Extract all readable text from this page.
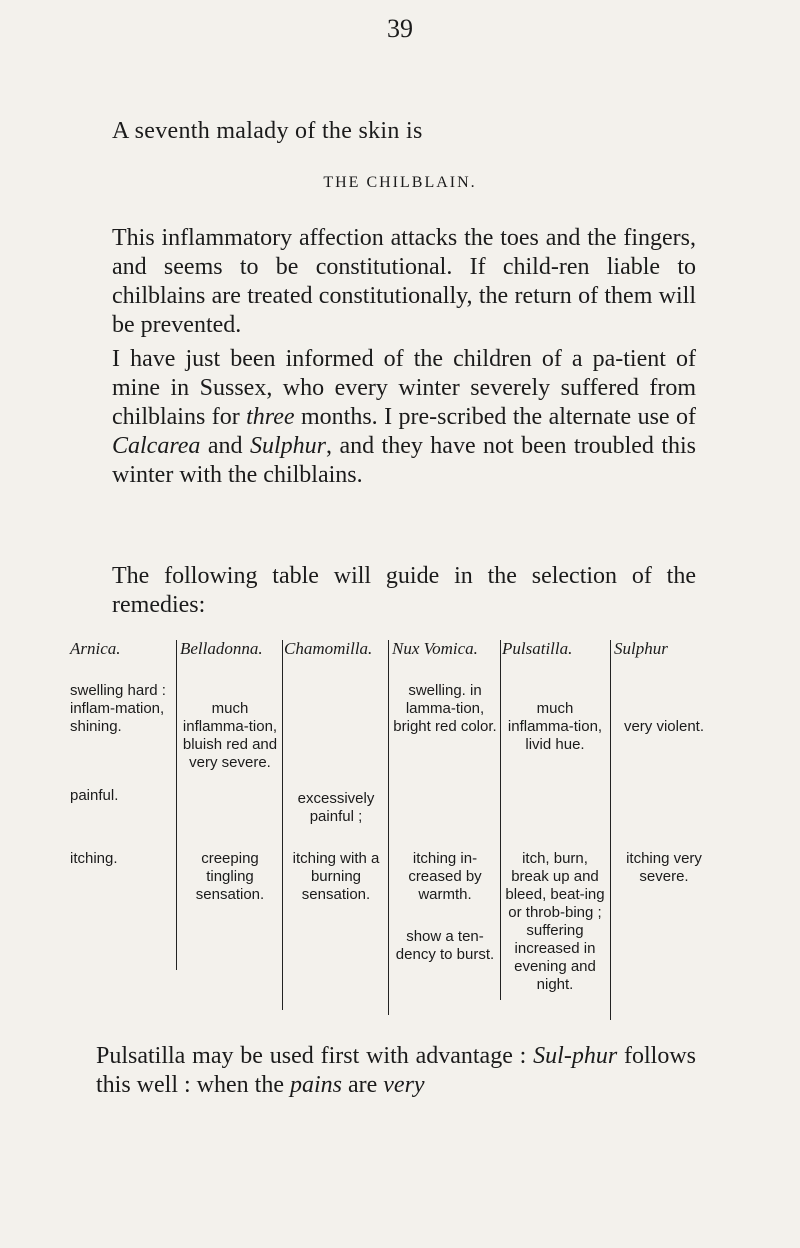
39
A seventh malady of the skin is
THE CHILBLAIN.

This inflammatory affection attacks the toes and the fingers, and seems to be constitutional. If child-ren liable to chilblains are treated constitutionally, the return of them will be prevented.

I have just been informed of the children of a pa-tient of mine in Sussex, who every winter severely suffered from chilblains for three months. I pre-scribed the alternate use of Calcarea and Sulphur, and they have not been troubled this winter with the chilblains.

The following table will guide in the selection of the remedies:

Arnica.
swelling hard : inflam-mation, shining.
painful.
itching.
Belladonna.
much inflamma-tion, bluish red and very severe.
creeping tingling sensation.
Chamomilla.
excessively painful ;
itching with a burning sensation.
Nux Vomica.
swelling. in lamma-tion, bright red color.
itching in-creased by warmth.
show a ten-dency to burst.
Pulsatilla.
much inflamma-tion, livid hue.
itch, burn, break up and bleed, beat-ing or throb-bing ; suffering increased in evening and night.
Sulphur
very violent.
itching very severe.
Pulsatilla may be used first with advantage : Sul-phur follows this well : when the pains are very
